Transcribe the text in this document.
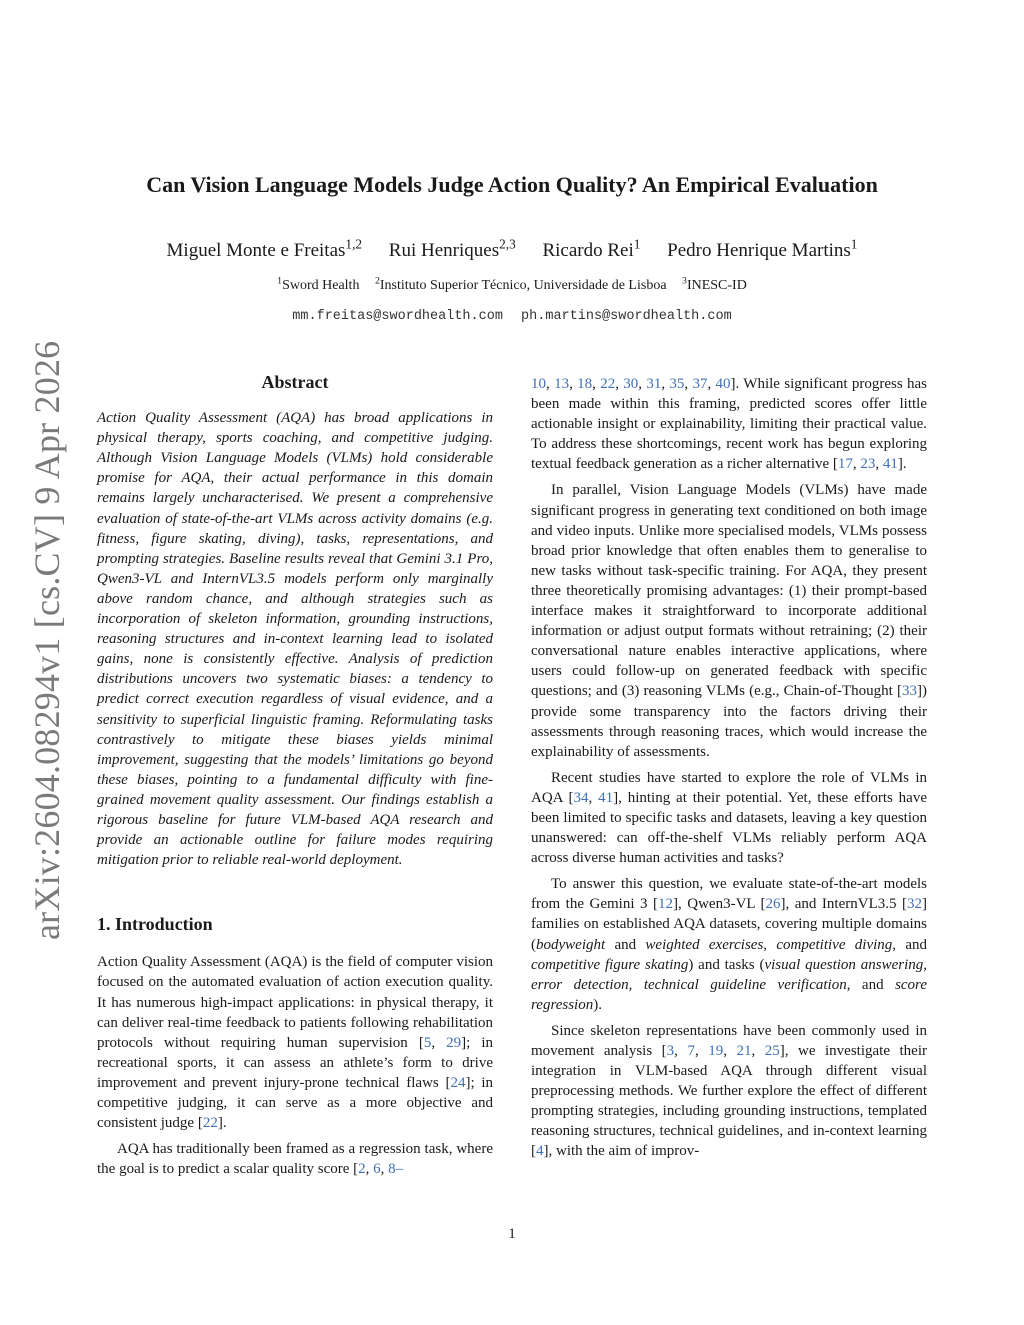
arXiv:2604.08294v1 [cs.CV] 9 Apr 2026
Can Vision Language Models Judge Action Quality? An Empirical Evaluation
Miguel Monte e Freitas$^{1,2}$ Rui Henriques$^{2,3}$ Ricardo Rei$^1$ Pedro Henrique Martins$^1$
$^1$Sword Health $^2$Instituto Superior Técnico, Universidade de Lisboa $^3$INESC-ID
mm.freitas@swordhealth.com ph.martins@swordhealth.com
Abstract

Action Quality Assessment (AQA) has broad applications in physical therapy, sports coaching, and competitive judging. Although Vision Language Models (VLMs) hold considerable promise for AQA, their actual performance in this domain remains largely uncharacterised. We present a comprehensive evaluation of state-of-the-art VLMs across activity domains (e.g. fitness, figure skating, diving), tasks, representations, and prompting strategies. Baseline results reveal that Gemini 3.1 Pro, Qwen3-VL and InternVL3.5 models perform only marginally above random chance, and although strategies such as incorporation of skeleton information, grounding instructions, reasoning structures and in-context learning lead to isolated gains, none is consistently effective. Analysis of prediction distributions uncovers two systematic biases: a tendency to predict correct execution regardless of visual evidence, and a sensitivity to superficial linguistic framing. Reformulating tasks contrastively to mitigate these biases yields minimal improvement, suggesting that the models’ limitations go beyond these biases, pointing to a fundamental difficulty with fine-grained movement quality assessment. Our findings establish a rigorous baseline for future VLM-based AQA research and provide an actionable outline for failure modes requiring mitigation prior to reliable real-world deployment.

1. Introduction

Action Quality Assessment (AQA) is the field of computer vision focused on the automated evaluation of action execution quality. It has numerous high-impact applications: in physical therapy, it can deliver real-time feedback to patients following rehabilitation protocols without requiring human supervision [5, 29]; in recreational sports, it can assess an athlete’s form to drive improvement and prevent injury-prone technical flaws [24]; in competitive judging, it can serve as a more objective and consistent judge [22].

AQA has traditionally been framed as a regression task, where the goal is to predict a scalar quality score [2, 6, 8–

10, 13, 18, 22, 30, 31, 35, 37, 40]. While significant progress has been made within this framing, predicted scores offer little actionable insight or explainability, limiting their practical value. To address these shortcomings, recent work has begun exploring textual feedback generation as a richer alternative [17, 23, 41].

In parallel, Vision Language Models (VLMs) have made significant progress in generating text conditioned on both image and video inputs. Unlike more specialised models, VLMs possess broad prior knowledge that often enables them to generalise to new tasks without task-specific training. For AQA, they present three theoretically promising advantages: (1) their prompt-based interface makes it straightforward to incorporate additional information or adjust output formats without retraining; (2) their conversational nature enables interactive applications, where users could follow-up on generated feedback with specific questions; and (3) reasoning VLMs (e.g., Chain-of-Thought [33]) provide some transparency into the factors driving their assessments through reasoning traces, which would increase the explainability of assessments.

Recent studies have started to explore the role of VLMs in AQA [34, 41], hinting at their potential. Yet, these efforts have been limited to specific tasks and datasets, leaving a key question unanswered: can off-the-shelf VLMs reliably perform AQA across diverse human activities and tasks?

To answer this question, we evaluate state-of-the-art models from the Gemini 3 [12], Qwen3-VL [26], and InternVL3.5 [32] families on established AQA datasets, covering multiple domains (bodyweight and weighted exercises, competitive diving, and competitive figure skating) and tasks (visual question answering, error detection, technical guideline verification, and score regression).

Since skeleton representations have been commonly used in movement analysis [3, 7, 19, 21, 25], we investigate their integration in VLM-based AQA through different visual preprocessing methods. We further explore the effect of different prompting strategies, including grounding instructions, templated reasoning structures, technical guidelines, and in-context learning [4], with the aim of improv-

1
